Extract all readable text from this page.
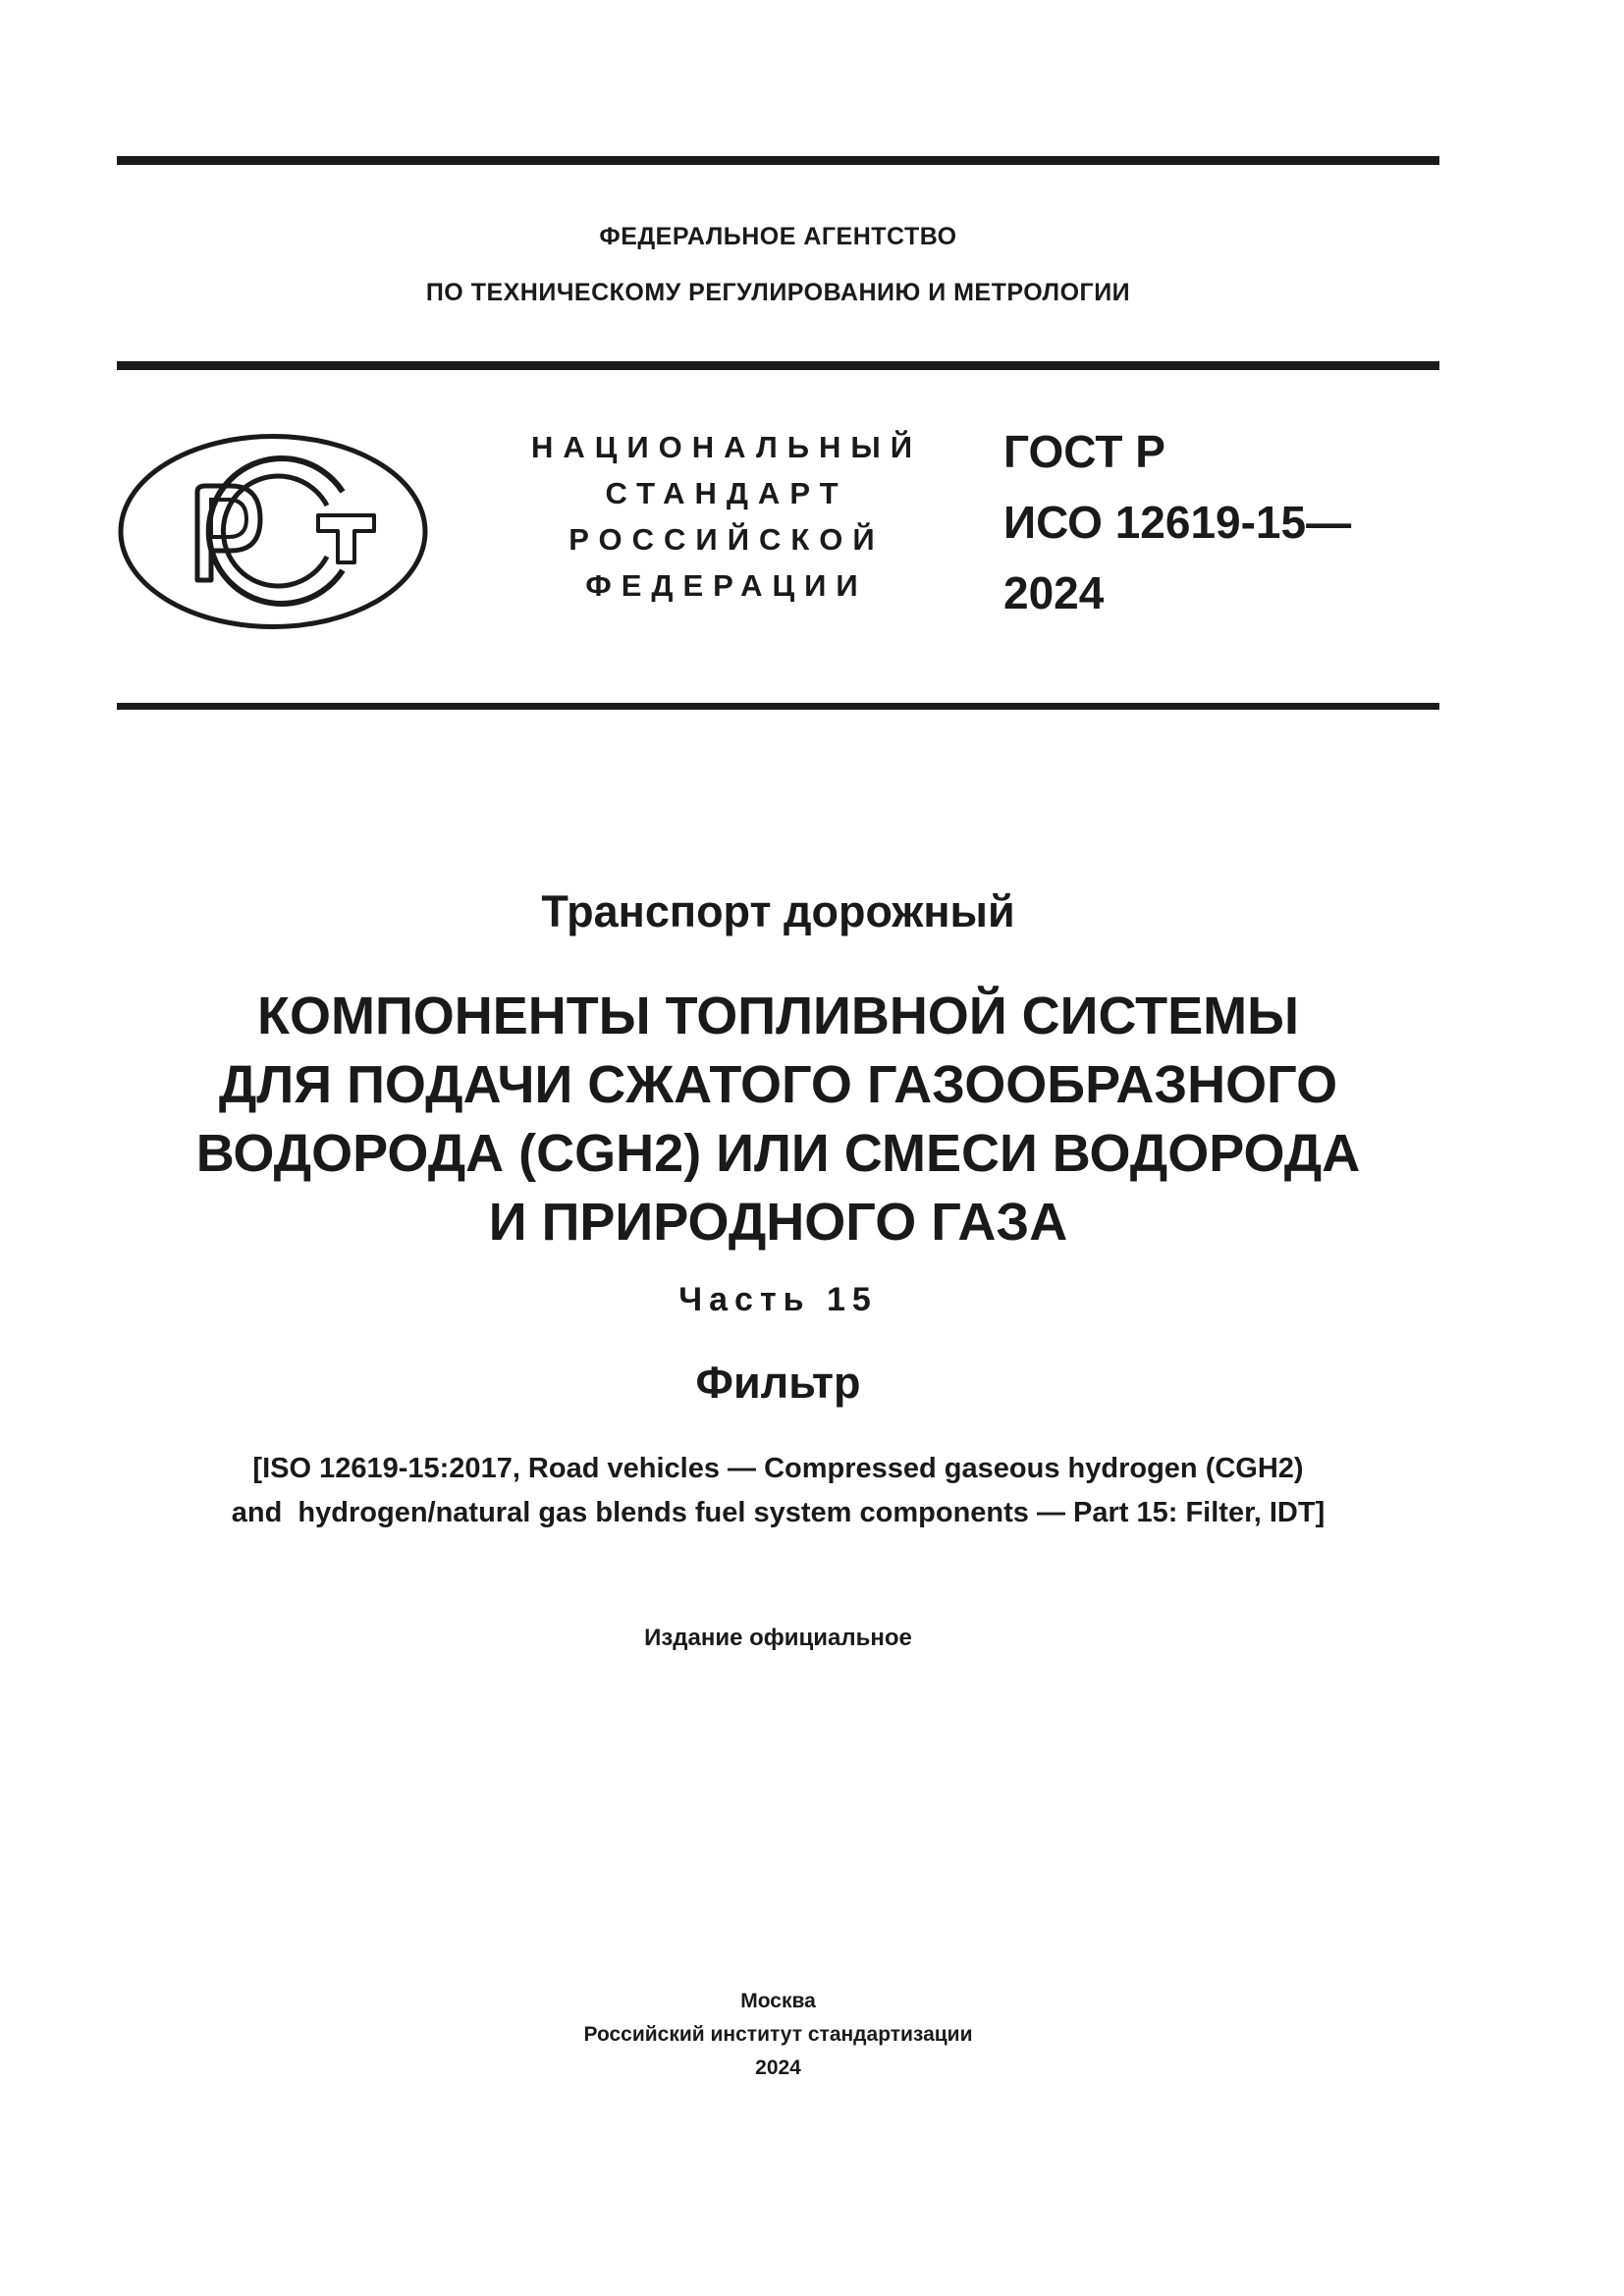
ФЕДЕРАЛЬНОЕ АГЕНТСТВО
ПО ТЕХНИЧЕСКОМУ РЕГУЛИРОВАНИЮ И МЕТРОЛОГИИ
НАЦИОНАЛЬНЫЙ
СТАНДАРТ
РОССИЙСКОЙ
ФЕДЕРАЦИИ
ГОСТ Р
ИСО 12619-15—
2024
Транспорт дорожный
КОМПОНЕНТЫ ТОПЛИВНОЙ СИСТЕМЫ
ДЛЯ ПОДАЧИ СЖАТОГО ГАЗООБРАЗНОГО
ВОДОРОДА (CGH2) ИЛИ СМЕСИ ВОДОРОДА
И ПРИРОДНОГО ГАЗА
Часть 15
Фильтр
[ISO 12619-15:2017, Road vehicles — Compressed gaseous hydrogen (CGH2)
and  hydrogen/natural gas blends fuel system components — Part 15: Filter, IDT]
Издание официальное
Москва
Российский институт стандартизации
2024
